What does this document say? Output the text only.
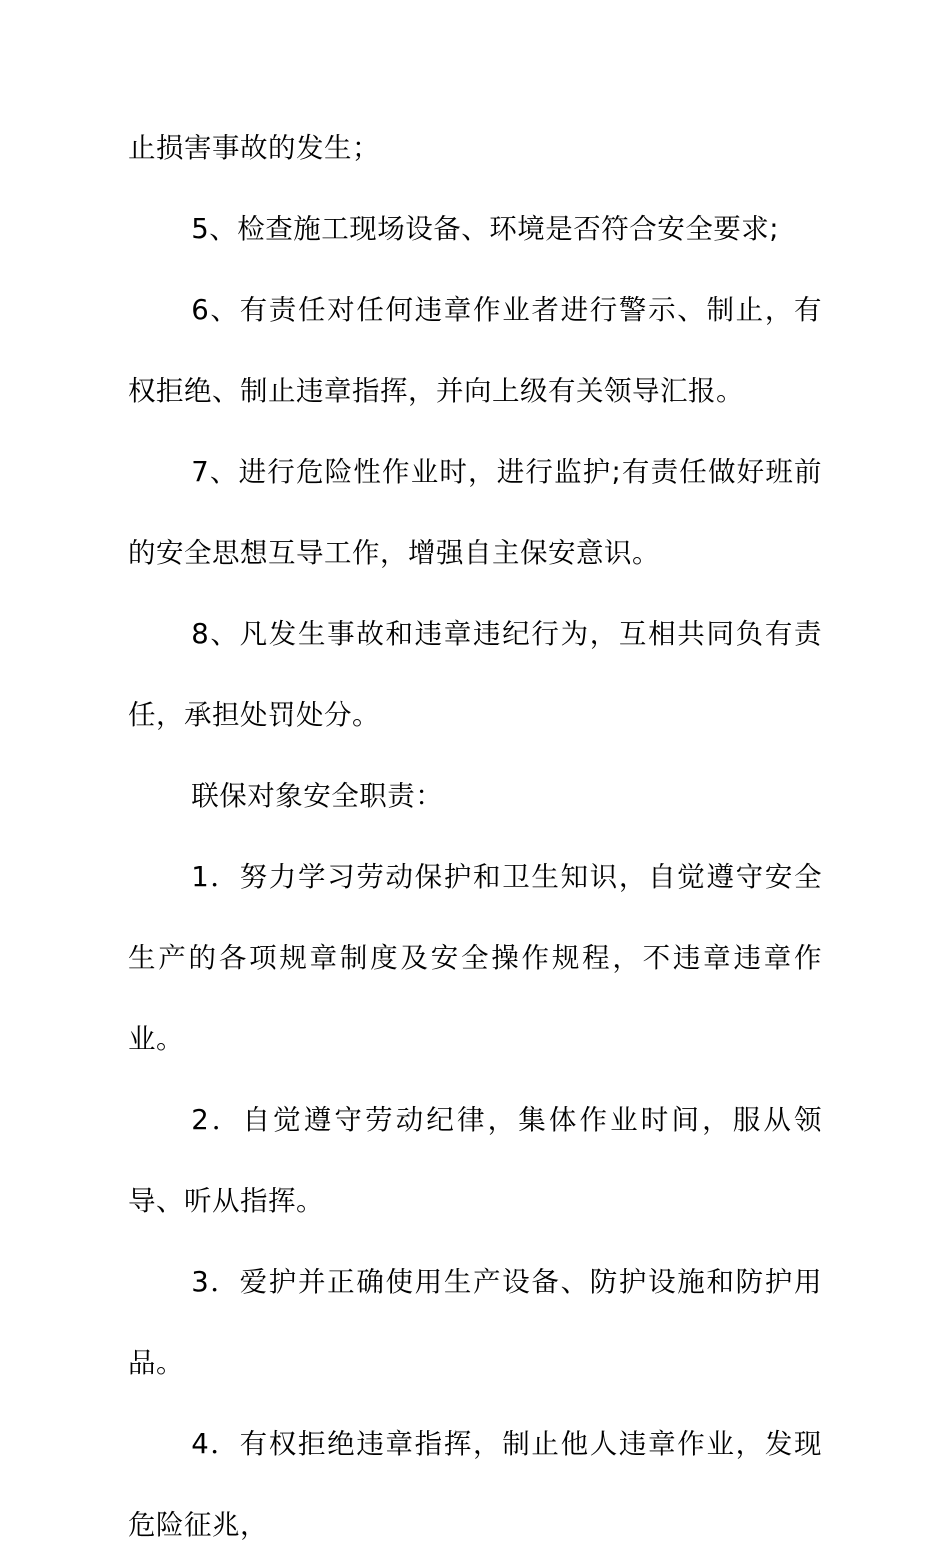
止损害事故的发生；

5、检查施工现场设备、环境是否符合安全要求;

6、有责任对任何违章作业者进行警示、制止，有权拒绝、制止违章指挥，并向上级有关领导汇报。

7、进行危险性作业时，进行监护;有责任做好班前的安全思想互导工作，增强自主保安意识。

8、凡发生事故和违章违纪行为，互相共同负有责任，承担处罚处分。

联保对象安全职责：

1．努力学习劳动保护和卫生知识，自觉遵守安全生产的各项规章制度及安全操作规程，不违章违章作业。

2．自觉遵守劳动纪律，集体作业时间，服从领导、听从指挥。

3．爱护并正确使用生产设备、防护设施和防护用品。

4．有权拒绝违章指挥，制止他人违章作业，发现危险征兆，
